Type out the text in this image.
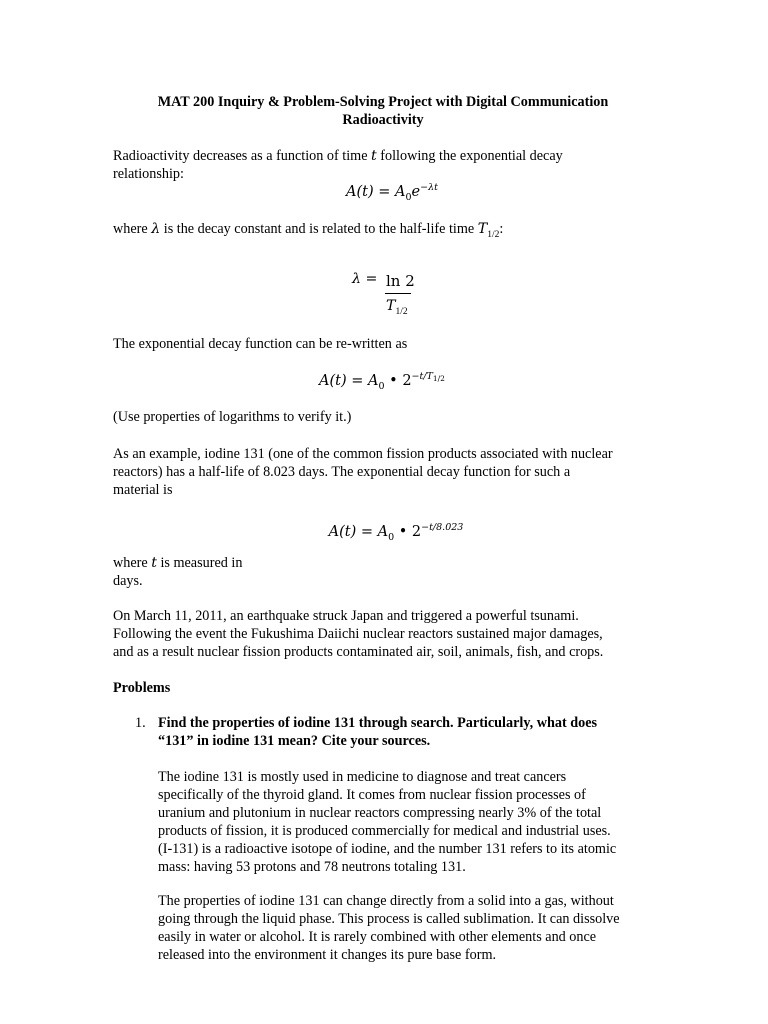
MAT 200 Inquiry & Problem-Solving Project with Digital Communication
Radioactivity

Radioactivity decreases as a function of time t following the exponential decay
relationship:

$A(t) = A_0e^{-\lambda t}$

where λ is the decay constant and is related to the half-life time $T_{1/2}$:

λ = ln 2
$T_{1/2}$

The exponential decay function can be re-written as

$A(t) = A_0$ • $2^{-t/T_{1/2}}$

(Use properties of logarithms to verify it.)

As an example, iodine 131 (one of the common fission products associated with nuclear
reactors) has a half-life of 8.023 days. The exponential decay function for such a
material is

$A(t) = A_0$ • $2^{-t/8.023}$

where t is measured in
days.

On March 11, 2011, an earthquake struck Japan and triggered a powerful tsunami.
Following the event the Fukushima Daiichi nuclear reactors sustained major damages,
and as a result nuclear fission products contaminated air, soil, animals, fish, and crops.

Problems

1. Find the properties of iodine 131 through search. Particularly, what does
“131” in iodine 131 mean? Cite your sources.

The iodine 131 is mostly used in medicine to diagnose and treat cancers
specifically of the thyroid gland. It comes from nuclear fission processes of
uranium and plutonium in nuclear reactors compressing nearly 3% of the total
products of fission, it is produced commercially for medical and industrial uses.
(I-131) is a radioactive isotope of iodine, and the number 131 refers to its atomic
mass: having 53 protons and 78 neutrons totaling 131.

The properties of iodine 131 can change directly from a solid into a gas, without
going through the liquid phase. This process is called sublimation. It can dissolve
easily in water or alcohol. It is rarely combined with other elements and once
released into the environment it changes its pure base form.
